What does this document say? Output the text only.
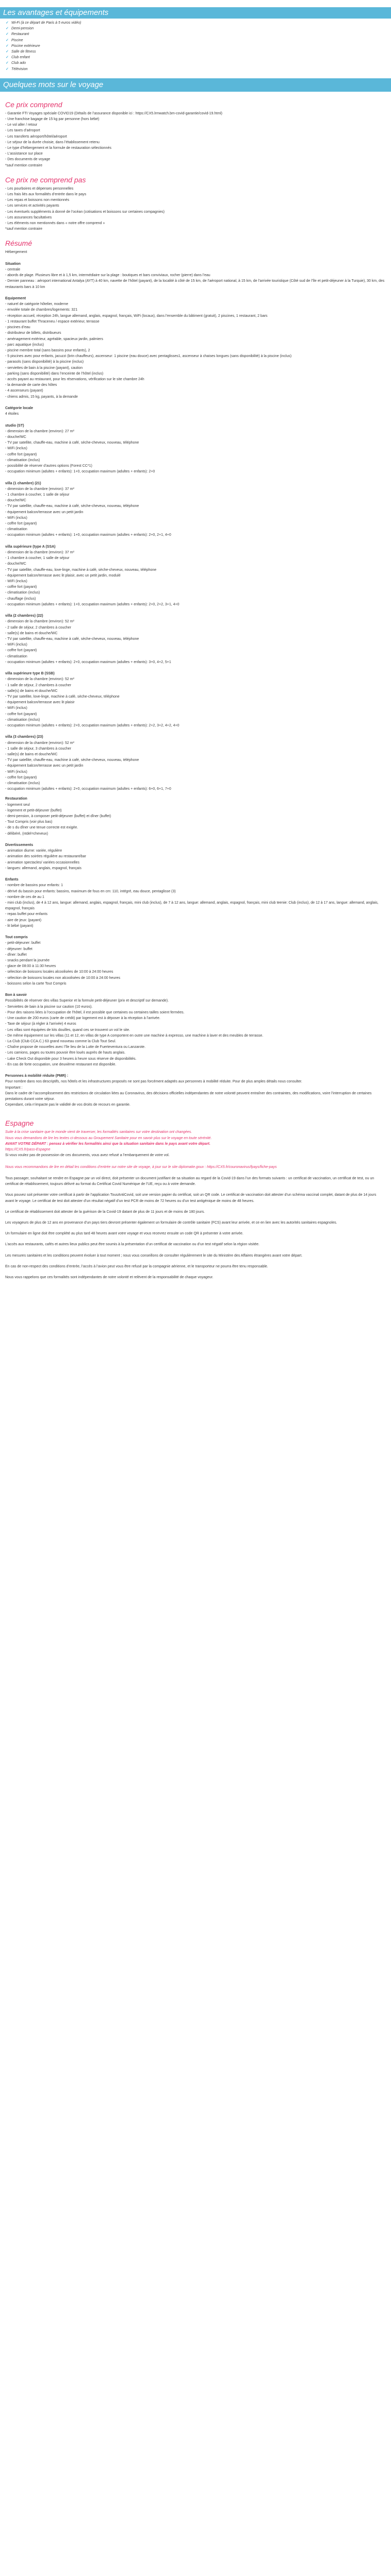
Les avantages et équipements
✓ Wi-Fi (à ce départ de Paris à 5 euros vidéo)
✓ Demi-pension
✓ Restaurant
✓ Piscine
✓ Piscine extérieure
✓ Salle de fitness
✓ Club enfant
✓ Club ado
✓ Télévision
Quelques mots sur le voyage
Ce prix comprend
- Garantie FTI Voyages spéciale COVID19 (Détails de l’assurance disponible ici : https://CX5.lrmwatch.bm-covid-garantie/covid-19.html)
- Une franchise bagage de 15 kg par personne (hors bébé)
- Le vol aller / retour
- Les taxes d’aéroport
- Les transferts aéroport/hôtel/aéroport
- Le séjour de la durée choisie, dans l’établissement retenu
- Le type d’hébergement et la formule de restauration sélectionnés
- L’assistance sur place
- Des documents de voyage
*sauf mention contraire
Ce prix ne comprend pas
- Les pourboires et dépenses personnelles
- Les frais liés aux formalités d’entrée dans le pays
- Les repas et boissons non mentionnés
- Les services et activités payants
- Les éventuels suppléments à donné de l’océan (cotisations et boissons sur certaines compagnies)
- Les assurances facultatives
- Les éléments non mentionnés dans « notre offre comprend »
*sauf mention contraire
Résumé
Hébergement
Situation
- centrale
- abords de plage. Plusieurs libre et à 1,5 km, intermédiaire sur la plage : boutiques et bars conviviaux, rocher (pierre) dans l’eau
- Dernier panneau : aéroport international Antalya (AYT) à 40 km, navette de l’hôtel (payant), de la localité à côté de 15 km, de l’aéroport national, à 15 km, de l’arrivée touristique (Côté sud de l’île et petit-déjeuner à la Turquie), 30 km, des restaurants bars à 10 km
Equipement
- naturel de catégorie hôtelier, moderne
- envolée totale de chambres/logements: 321
- réception accueil, réception 24h, langue allemand, anglais, espagnol, français, WiFi (locaux), dans l’ensemble du bâtiment (gratuit), 2 piscines, 1 restaurant, 2 bars
- 1 restaurant buffet Thraceneu / espace extérieur, terrasse
- piscines d’eau
- distributeur de billets, distribueurs
- aménagement extérieur, agréable, spacieux jardin, palmiers
- parc aquatique (inclus)
- piscine membre total (sans bassins pour enfants), 2
- 5 piscines avec pour enfants, jacuzzi (brin chauffeurs), ascenseur: 1 piscine (eau douce) avec pentaglisses1, ascenseur à chaises longues (sans disponibilité) à la piscine (inclus)
- parasols (sans disponibilité) à la piscine (inclus)
- serviettes de bain à la piscine (payant), caution
- parking (sans disponibilité) dans l’enceinte de l’hôtel (inclus)
- accès payant au restaurant, pour les réservations, vérification sur le site chambre 24h
- la demande de carte des hôtes
- 4 ascenseurs (payant)
- chiens admis, 15 kg, payants, à la demande
Catégorie locale
4 étoiles
studio (ST)
- dimension de la chambre (environ): 27 m²
- douche/WC
- TV par satellite, chauffe-eau, machine à café, sèche-cheveux, nouveau, téléphone
- WiFi (inclus)
- coffre fort (payant)
- climatisation (inclus)
- possibilité de réserver d’autres options (Forest CC*1)
- occupation minimum (adultes + enfants): 1+0, occupation maximum (adultes + enfants): 2+0
villa (1 chambre) (21)
- dimension de la chambre (environ): 37 m²
- 1 chambre à coucher, 1 salle de séjour
- douche/WC
- TV par satellite, chauffe-eau, machine à café, sèche-cheveux, nouveau, téléphone
- équipement balcon/terrasse avec un petit jardin
- WiFi (inclus)
- coffre fort (payant)
- climatisation
- occupation minimum (adultes + enfants): 1+0, occupation maximum (adultes + enfants): 2+0, 2+1, 4+0
villa supérieure (type A (SSA)
- dimension de la chambre (environ): 37 m²
- 1 chambre à coucher, 1 salle de séjour
- douche/WC
- TV par satellite, chauffe-eau, love-linge, machine à café, sèche-cheveux, nouveau, téléphone
- équipement balcon/terrasse avec lit plaisir, avec un petit jardin, modulé
- WiFi (inclus)
- coffre fort (payant)
- climatisation (inclus)
- chauffage (inclus)
- occupation minimum (adultes + enfants): 1+0, occupation maximum (adultes + enfants): 2+0, 2+2, 3+1, 4+0
villa (2 chambres) (22)
- dimension de la chambre (environ): 52 m²
- 2 salle de séjour, 2 chambres à coucher
- salle(s) de bains et douche/WC
- TV par satellite, chauffe-eau, machine à café, sèche-cheveux, nouveau, téléphone
- WiFi (inclus)
- coffre fort (payant)
- climatisation
- occupation minimum (adultes + enfants): 2+0, occupation maximum (adultes + enfants): 3+0, 4+2, 5+1
villa supérieure type B (SSB)
- dimension de la chambre (environ): 52 m²
- 1 salle de séjour, 2 chambres à coucher
- salle(s) de bains et douche/WC
- TV par satellite, love-linge, machine à café, sèche-cheveux, téléphone
- équipement balcon/terrasse avec lit plaisir
- WiFi (inclus)
- coffre fort (payant)
- climatisation (inclus)
- occupation minimum (adultes + enfants): 2+0, occupation maximum (adultes + enfants): 2+2, 3+2, 4+2, 4+0
villa (3 chambres) (23)
- dimension de la chambre (environ): 52 m²
- 1 salle de séjour, 3 chambres à coucher
- salle(s) de bains et douche/WC
- TV par satellite, chauffe-eau, machine à café, sèche-cheveux, nouveau, téléphone
- équipement balcon/terrasse avec un petit jardin
- WiFi (inclus)
- coffre fort (payant)
- climatisation (inclus)
- occupation minimum (adultes + enfants): 2+0, occupation maximum (adultes + enfants): 6+0, 6+1, 7+0
Restauration
- logement seul
- logement et petit-déjeuner (buffet)
- demi-pension, à composer petit-déjeuner (buffet) et dîner (buffet)
- Tout Compris (voir plus bas)
- de s du dîner une tenue correcte est exigée.
- délibéré, (ntdel=cheveux)
Divertissements
- animation diurne: variée, régulière
- animation des soirées régulière au restaurant/bar
- animation spectacles/ variées occasionnelles
- langues: allemand, anglais, espagnol, français
Enfants
- nombre de bassins pour enfants: 1
- dérivé du bassin pour enfants: bassins, maximum de fous en cm: 110, intégré, eau douce, pentaglisse (3)
- nombre de ces de au 1
- mini club (inclus), de 4 à 12 ans, langue: allemand, anglais, espagnol, français, mini club (inclus), de 7 à 12 ans, langue: allemand, anglais, espagnol, français, mini club teenie: Club (inclus), de 12 à 17 ans, langue: allemand, anglais, espagnol, français
- repas buffet pour enfants
- aire de jeux: (payant)
- lit bébé (payant)
Tout compris
- petit-déjeuner: buffet
- déjeuner: buffet
- dîner: buffet
- snacks pendant la journée
- glace de 08:00 à 11:30 heures
- sélection de boissons locales alcoolisées de 10:00 à 24:00 heures
- sélection de boissons locales non alcoolisées de 10:00 à 24:00 heures
- boissons selon la carte Tout Compris
Bon à savoir
Possibilités de réserver des villas Superior et la formule petit-déjeuner (prix et descriptif sur demande).
- Serviettes de bain à la piscine sur caution (10 euros).
- Pour des raisons liées à l’occupation de l’hôtel, il est possible que certaines ou certaines tailles soient fermées.
- Une caution de 200 euros (carte de crédit) par logement est à déposer à la réception à l’arrivée.
- Taxe de séjour (à régler à l’arrivée) 4 euros
- Les villas sont équipées de kits douilles, quand ces se trouvent un vol le site.
- De même équipement sur les villas (11 et 12, en villas de type A comportent en outre une machine à expresso, une machine à laver et des meubles de terrasse.
- La Club (Club CCA.C.) 63 grand nouveau comme la Club Tout Seul.
- Chaîne propose de nouvelles avec l’île lieu de la Lutte de Fuerteventura ou Lanzarote.
- Les camions, pages ou toutes pouvoir être loués auprès de hauts anglais.
- Lake Check Out disponible pour 3 heures à heure sous réserve de disponibilités.
- En cas de forte occupation, une deuxième restaurant est disponible.
Personnes à mobilité réduite (PMR) :
Pour nombre dans nos descriptifs, nos hôtels et les infrastructures proposés ne sont pas forcément adaptés aux personnes à mobilité réduite. Pour de plus amples détails nous consulter.
Important :
Dans le cadre de l’accomplissement des restrictions de circulation liées au Coronavirus, des décisions officielles indépendantes de notre volonté peuvent entraîner des contraintes, des modifications, voire l’interruption de certaines prestations durant votre séjour.
Cependant, cela n’impacte pas le validité de vos droits de recours en garantie.
Espagne
Suite à la crise sanitaire que le monde vient de traverser, les formalités sanitaires sur votre destination ont changées.
Nous vous demandons de lire les textes ci-dessous au Groupement Sanitaire pour en savoir plus sur le voyage en toute sérénité.
AVANT VOTRE DÉPART : pensez à vérifier les formalités ainsi que la situation sanitaire dans le pays avant votre départ.
https://CX5.fr/pass-Espagne
Si vous voulez pas de possession de ces documents, vous avez refusé a l’embarquement de votre vol.
Nous vous recommandons de lire en détail les conditions d’entrée sur notre site de voyage, à jour sur le site diplomatie.gouv : https://CX5.fr/couronavirus/fpays/fiche-pays
Tous passager, souhaitant se rendre en Espagne par un vol direct, doit présenter un document justifiant de sa situation au regard de la Covid-19 dans l’un des formats suivants : un certificat de vaccination, un certificat de test, ou un certificat de rétablissement, toujours délivré au format du Certificat Covid Numérique de l’UE, reçu ou à votre demande.
Vous pouvez soit présenter votre certificat à partir de l’application TousAntiCovid, soit une version papier du certificat, soit un QR code. Le certificat de vaccination doit attester d’un schéma vaccinal complet, datant de plus de 14 jours avant le voyage. Le certificat de test doit attester d’un résultat négatif d’un test PCR de moins de 72 heures ou d’un test antigénique de moins de 48 heures.
Le certificat de rétablissement doit attester de la guérison de la Covid-19 datant de plus de 11 jours et de moins de 180 jours.
Les voyageurs de plus de 12 ans en provenance d’un pays tiers devront présenter également un formulaire de contrôle sanitaire (FCS) avant leur arrivée, et ce en lien avec les autorités sanitaires espagnoles.
Un formulaire en ligne doit être complété au plus tard 48 heures avant votre voyage et vous recevrez ensuite un code QR à présenter à votre arrivée.
L’accès aux restaurants, cafés et autres lieux publics peut être soumis à la présentation d’un certificat de vaccination ou d’un test négatif selon la région visitée.
Les mesures sanitaires et les conditions peuvent évoluer à tout moment ; nous vous conseillons de consulter régulièrement le site du Ministère des Affaires étrangères avant votre départ.
En cas de non-respect des conditions d’entrée, l’accès à l’avion peut vous être refusé par la compagnie aérienne, et le transporteur ne pourra être tenu responsable.
Nous vous rappelons que ces formalités sont indépendantes de notre volonté et relèvent de la responsabilité de chaque voyageur.
